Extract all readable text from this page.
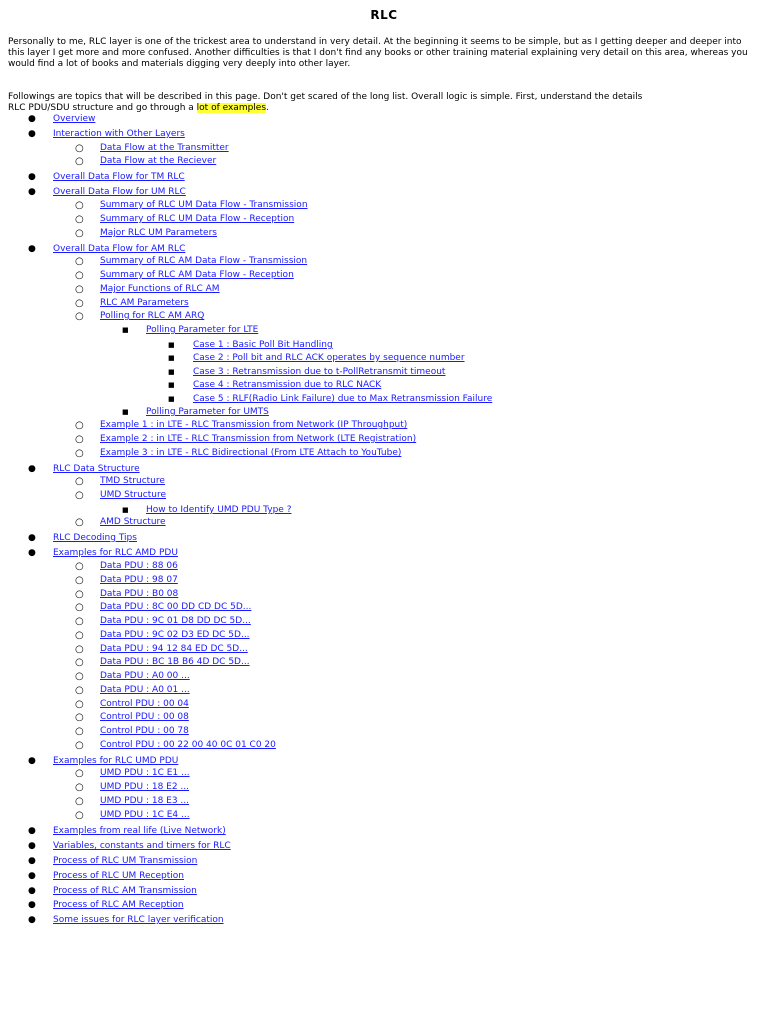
RLC
Personally to me, RLC layer is one of the trickest area to understand in very detail. At the beginning it seems to be simple, but as I getting deeper and deeper into this layer I get more and more confused. Another difficulties is that I don't find any books or other training material explaining very detail on this area, whereas you would find a lot of books and materials digging very deeply into other layer.
Followings are topics that will be described in this page. Don't get scared of the long list. Overall logic is simple. First, understand the details
RLC PDU/SDU structure and go through a lot of examples.
● Overview
● Interaction with Other Layers
○ Data Flow at the Transmitter
○ Data Flow at the Reciever
● Overall Data Flow for TM RLC
● Overall Data Flow for UM RLC
○ Summary of RLC UM Data Flow - Transmission
○ Summary of RLC UM Data Flow - Reception
○ Major RLC UM Parameters
● Overall Data Flow for AM RLC
○ Summary of RLC AM Data Flow - Transmission
○ Summary of RLC AM Data Flow - Reception
○ Major Functions of RLC AM
○ RLC AM Parameters
○ Polling for RLC AM ARQ
■ Polling Parameter for LTE
■ Case 1 : Basic Poll Bit Handling
■ Case 2 : Poll bit and RLC ACK operates by sequence number
■ Case 3 : Retransmission due to t-PollRetransmit timeout
■ Case 4 : Retransmission due to RLC NACK
■ Case 5 : RLF(Radio Link Failure) due to Max Retransmission Failure
■ Polling Parameter for UMTS
○ Example 1 : in LTE - RLC Transmission from Network (IP Throughput)
○ Example 2 : in LTE - RLC Transmission from Network (LTE Registration)
○ Example 3 : in LTE - RLC Bidirectional (From LTE Attach to YouTube)
● RLC Data Structure
○ TMD Structure
○ UMD Structure
■ How to Identify UMD PDU Type ?
○ AMD Structure
● RLC Decoding Tips
● Examples for RLC AMD PDU
○ Data PDU : 88 06
○ Data PDU : 98 07
○ Data PDU : B0 08
○ Data PDU : 8C 00 DD CD DC 5D...
○ Data PDU : 9C 01 D8 DD DC 5D...
○ Data PDU : 9C 02 D3 ED DC 5D...
○ Data PDU : 94 12 84 ED DC 5D...
○ Data PDU : BC 1B B6 4D DC 5D...
○ Data PDU : A0 00 ...
○ Data PDU : A0 01 ...
○ Control PDU : 00 04
○ Control PDU : 00 08
○ Control PDU : 00 78
○ Control PDU : 00 22 00 40 0C 01 C0 20
● Examples for RLC UMD PDU
○ UMD PDU : 1C E1 ...
○ UMD PDU : 18 E2 ...
○ UMD PDU : 18 E3 ...
○ UMD PDU : 1C E4 ...
● Examples from real life (Live Network)
● Variables, constants and timers for RLC
● Process of RLC UM Transmission
● Process of RLC UM Reception
● Process of RLC AM Transmission
● Process of RLC AM Reception
● Some issues for RLC layer verification
